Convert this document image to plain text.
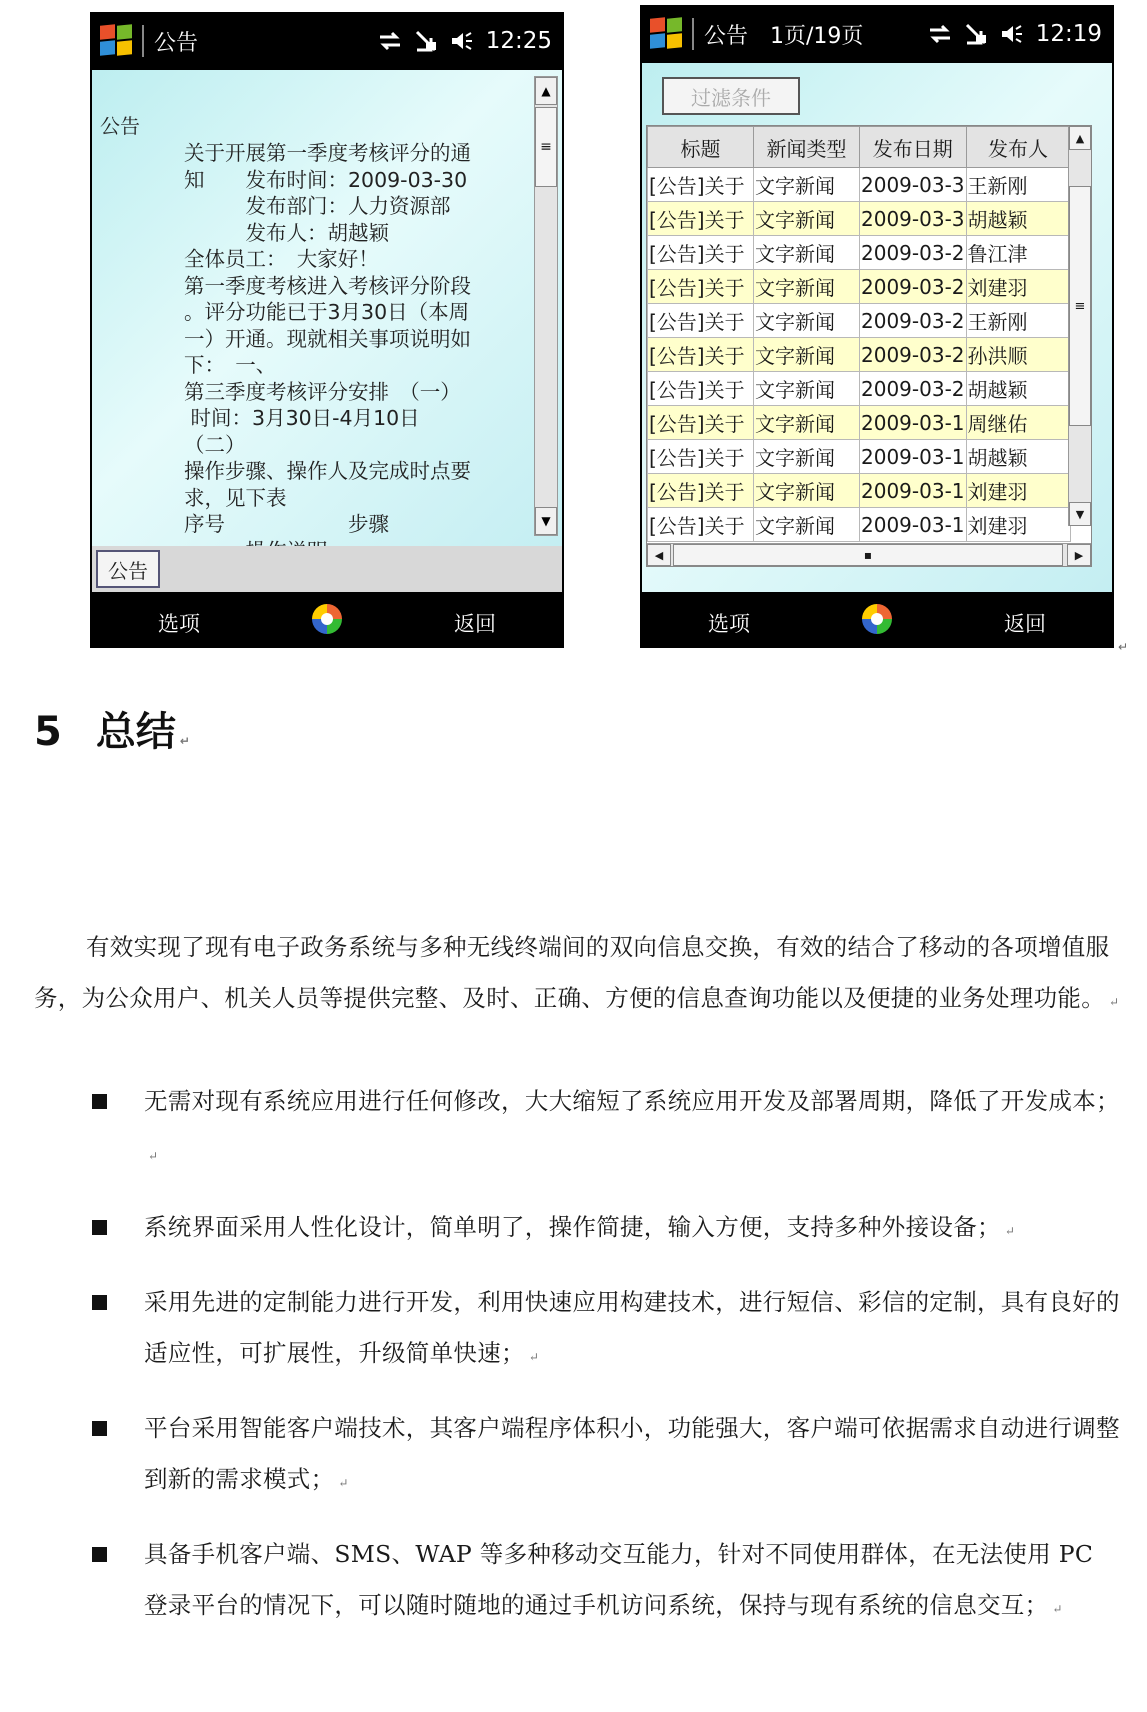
公告	12:25
公告
关于开展第一季度考核评分的通
知　　发布时间：2009-03-30
　　　发布部门：人力资源部
　　　发布人：胡越颖
全体员工：　大家好！
第一季度考核进入考核评分阶段
。评分功能已于3月30日（本周
一）开通。现就相关事项说明如
下：　一、
第三季度考核评分安排　（一）
时间：3月30日-4月10日
（二）
操作步骤、操作人及完成时点要
求，见下表
序号　　　　　　步骤

▲
≡
▼
公告
选项	返回
公告 1页/19页	12:19
过滤条件
标题	新闻类型	发布日期	发布人
[公告]关于	文字新闻	2009-03-3	王新刚
[公告]关于	文字新闻	2009-03-3	胡越颖
[公告]关于	文字新闻	2009-03-2	鲁江津
[公告]关于	文字新闻	2009-03-2	刘建羽
[公告]关于	文字新闻	2009-03-2	王新刚
[公告]关于	文字新闻	2009-03-2	孙洪顺
[公告]关于	文字新闻	2009-03-2	胡越颖
[公告]关于	文字新闻	2009-03-1	周继佑
[公告]关于	文字新闻	2009-03-1	胡越颖
[公告]关于	文字新闻	2009-03-1	刘建羽
[公告]关于	文字新闻	2009-03-1	刘建羽
▲
≡
▼
◀	▪	▶
选项	返回
↵
5 总结 ↵

有效实现了现有电子政务系统与多种无线终端间的双向信息交换，有效的结合了移动的各项增值服务，为公众用户、机关人员等提供完整、及时、正确、方便的信息查询功能以及便捷的业务处理功能。 ↵

无需对现有系统应用进行任何修改，大大缩短了系统应用开发及部署周期，降低了开发成本；↵
系统界面采用人性化设计，简单明了，操作简捷，输入方便，支持多种外接设备； ↵
采用先进的定制能力进行开发，利用快速应用构建技术，进行短信、彩信的定制，具有良好的适应性，可扩展性，升级简单快速； ↵
平台采用智能客户端技术，其客户端程序体积小，功能强大，客户端可依据需求自动进行调整到新的需求模式； ↵
具备手机客户端、SMS、WAP 等多种移动交互能力，针对不同使用群体，在无法使用 PC 登录平台的情况下，可以随时随地的通过手机访问系统，保持与现有系统的信息交互； ↵
